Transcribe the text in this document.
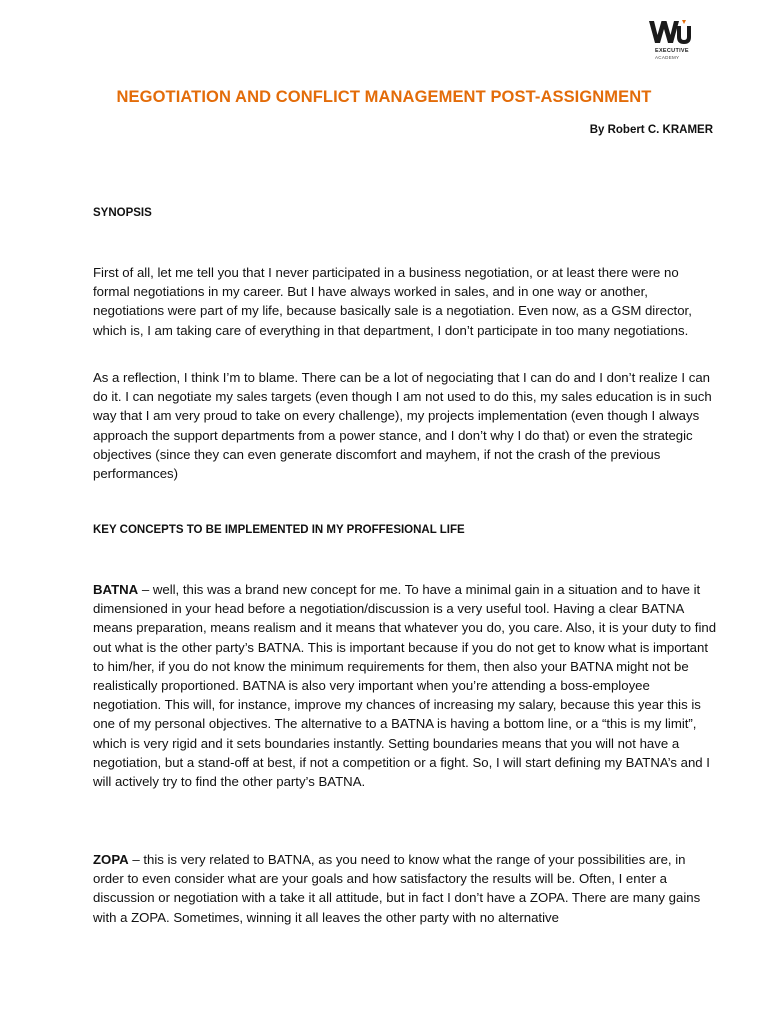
EXECUTIVE
ACADEMY
NEGOTIATION AND CONFLICT MANAGEMENT POST-ASSIGNMENT
By Robert C. KRAMER
SYNOPSIS
First of all, let me tell you that I never participated in a business negotiation, or at least there were no formal negotiations in my career. But I have always worked in sales, and in one way or another, negotiations were part of my life, because basically sale is a negotiation. Even now, as a GSM director, which is, I am taking care of everything in that department, I don’t participate in too many negotiations.
As a reflection, I think I’m to blame. There can be a lot of negociating that I can do and I don’t realize I can do it. I can negotiate my sales targets (even though I am not used to do this, my sales education is in such way that I am very proud to take on every challenge), my projects implementation (even though I always approach the support departments from a power stance, and I don’t why I do that) or even the strategic objectives (since they can even generate discomfort and mayhem, if not the crash of the previous performances)
KEY CONCEPTS TO BE IMPLEMENTED IN MY PROFFESIONAL LIFE
BATNA – well, this was a brand new concept for me. To have a minimal gain in a situation and to have it dimensioned in your head before a negotiation/discussion is a very useful tool. Having a clear BATNA means preparation, means realism and it means that whatever you do, you care. Also, it is your duty to find out what is the other party’s BATNA. This is important because if you do not get to know what is important to him/her, if you do not know the minimum requirements for them, then also your BATNA might not be realistically proportioned. BATNA is also very important when you’re attending a boss-employee negotiation. This will, for instance, improve my chances of increasing my salary, because this year this is one of my personal objectives. The alternative to a BATNA is having a bottom line, or a “this is my limit”, which is very rigid and it sets boundaries instantly. Setting boundaries means that you will not have a negotiation, but a stand-off at best, if not a competition or a fight. So, I will start defining my BATNA’s and I will actively try to find the other party’s BATNA.
ZOPA – this is very related to BATNA, as you need to know what the range of your possibilities are, in order to even consider what are your goals and how satisfactory the results will be. Often, I enter a discussion or negotiation with a take it all attitude, but in fact I don’t have a ZOPA. There are many gains with a ZOPA. Sometimes, winning it all leaves the other party with no alternative
